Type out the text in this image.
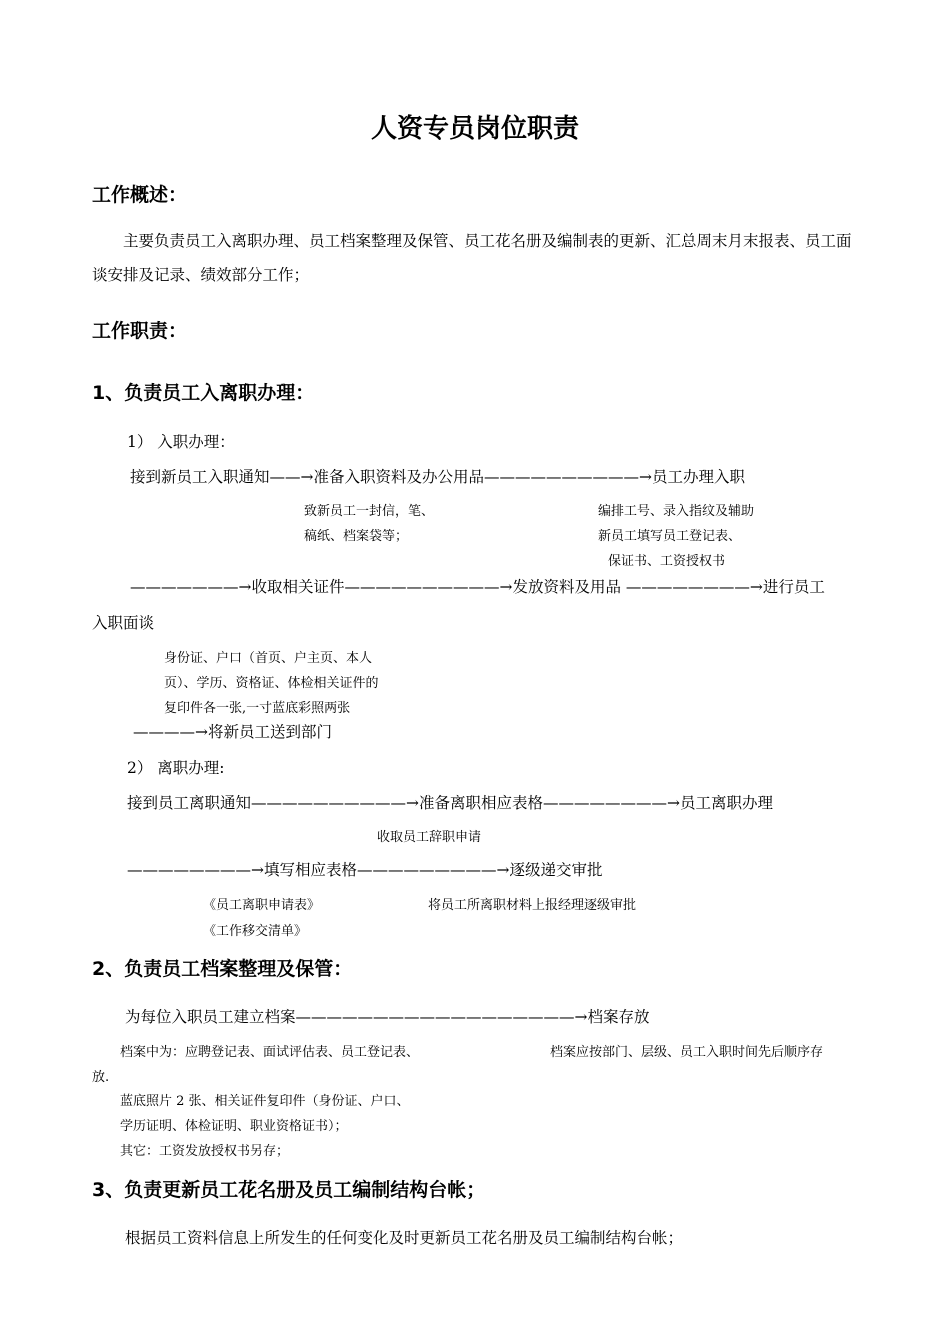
人资专员岗位职责
工作概述：
主要负责员工入离职办理、员工档案整理及保管、员工花名册及编制表的更新、汇总周末月末报表、员工面谈安排及记录、绩效部分工作；
工作职责：
1、负责员工入离职办理：
1） 入职办理：
接到新员工入职通知——→准备入职资料及办公用品——————————→员工办理入职
致新员工一封信，笔、
稿纸、档案袋等；
编排工号、录入指纹及辅助
新员工填写员工登记表、
保证书、工资授权书
———————→收取相关证件——————————→发放资料及用品 ————————→进行员工
入职面谈
身份证、户口（首页、户主页、本人
页）、学历、资格证、体检相关证件的
复印件各一张,一寸蓝底彩照两张
————→将新员工送到部门
2） 离职办理:
接到员工离职通知——————————→准备离职相应表格————————→员工离职办理
收取员工辞职申请
————————→填写相应表格—————————→逐级递交审批
《员工离职申请表》
《工作移交清单》
将员工所离职材料上报经理逐级审批
2、负责员工档案整理及保管：
为每位入职员工建立档案——————————————————→档案存放
档案中为：应聘登记表、面试评估表、员工登记表、	档案应按部门、层级、员工入职时间先后顺序存
放.
蓝底照片 2 张、相关证件复印件（身份证、户口、
学历证明、体检证明、职业资格证书）；
其它：工资发放授权书另存；
3、负责更新员工花名册及员工编制结构台帐；
根据员工资料信息上所发生的任何变化及时更新员工花名册及员工编制结构台帐；
